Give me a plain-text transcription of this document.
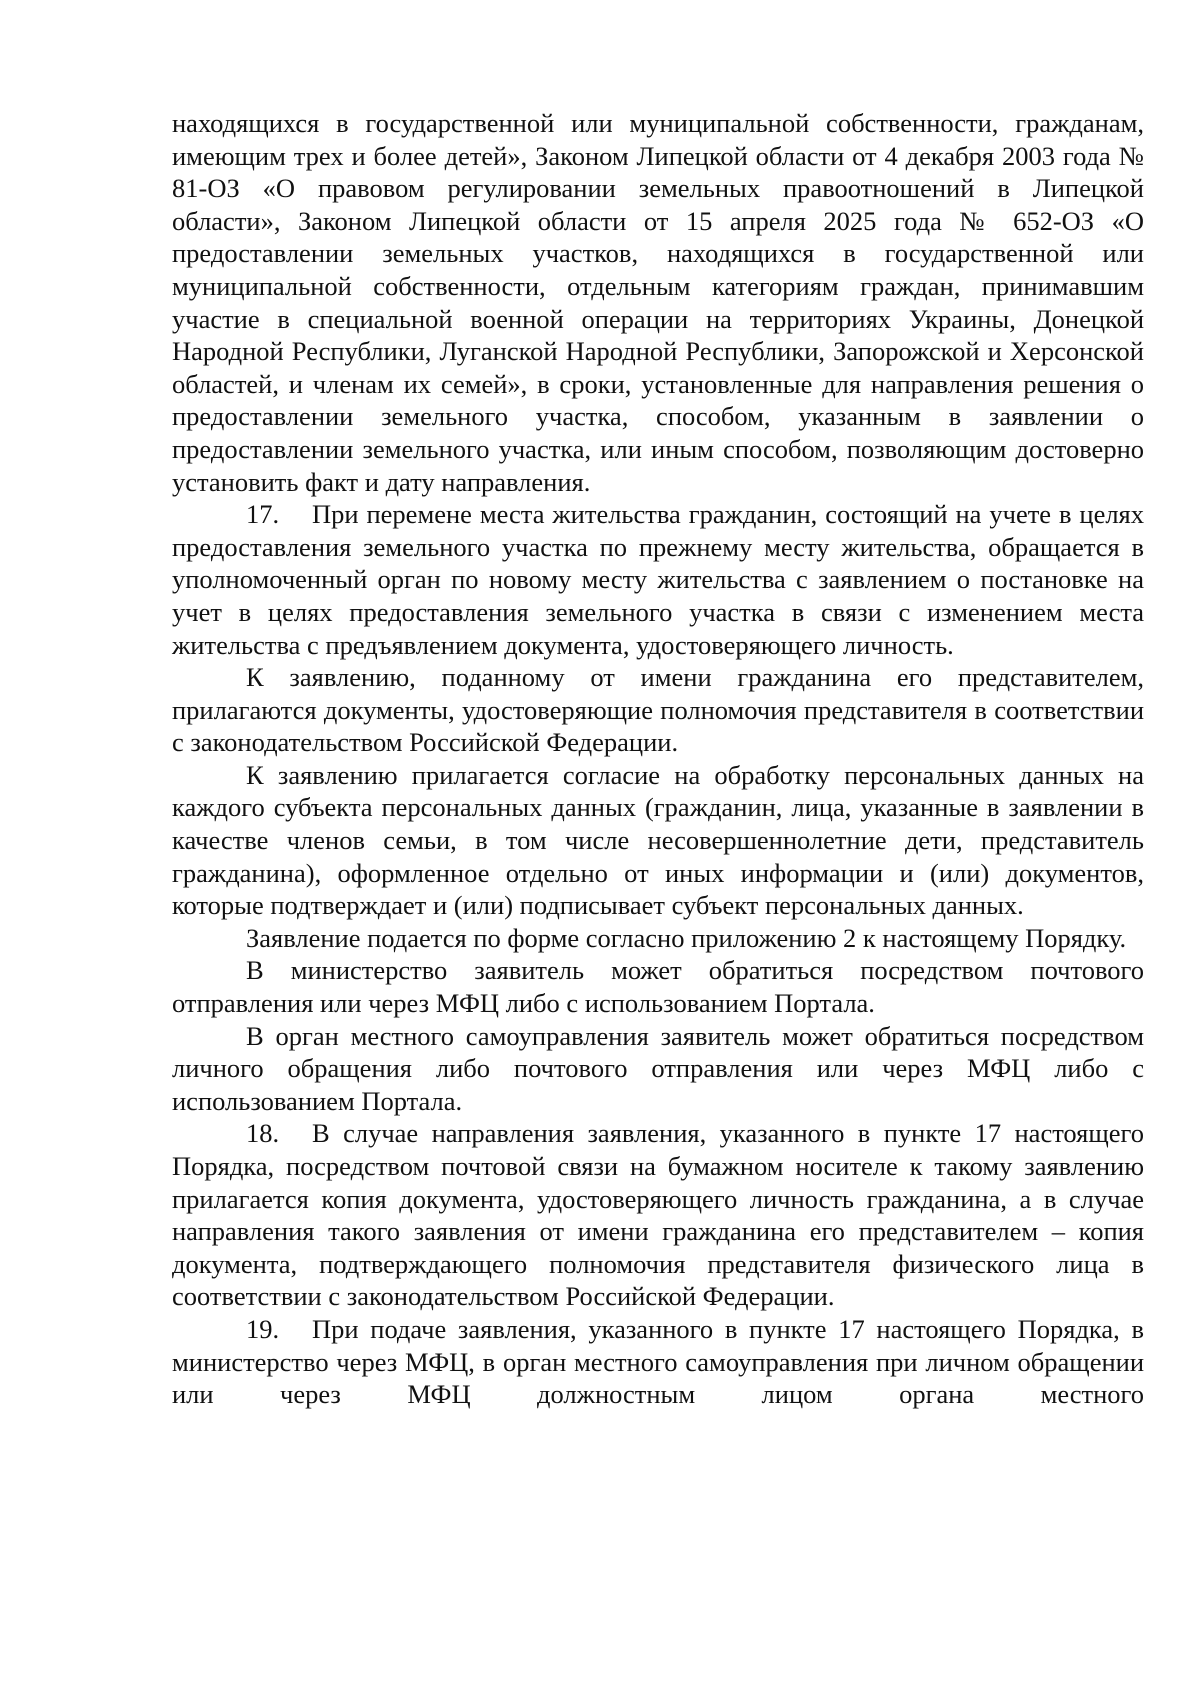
находящихся в государственной или муниципальной собственности, гражданам, имеющим трех и более детей», Законом Липецкой области от 4 декабря 2003 года № 81-ОЗ «О правовом регулировании земельных правоотношений в Липецкой области», Законом Липецкой области от 15 апреля 2025 года № 652-ОЗ «О предоставлении земельных участков, находящихся в государственной или муниципальной собственности, отдельным категориям граждан, принимавшим участие в специальной военной операции на территориях Украины, Донецкой Народной Республики, Луганской Народной Республики, Запорожской и Херсонской областей, и членам их семей», в сроки, установленные для направления решения о предоставлении земельного участка, способом, указанным в заявлении о предоставлении земельного участка, или иным способом, позволяющим достоверно установить факт и дату направления.

17. При перемене места жительства гражданин, состоящий на учете в целях предоставления земельного участка по прежнему месту жительства, обращается в уполномоченный орган по новому месту жительства с заявлением о постановке на учет в целях предоставления земельного участка в связи с изменением места жительства с предъявлением документа, удостоверяющего личность.

К заявлению, поданному от имени гражданина его представителем, прилагаются документы, удостоверяющие полномочия представителя в соответствии с законодательством Российской Федерации.

К заявлению прилагается согласие на обработку персональных данных на каждого субъекта персональных данных (гражданин, лица, указанные в заявлении в качестве членов семьи, в том числе несовершеннолетние дети, представитель гражданина), оформленное отдельно от иных информации и (или) документов, которые подтверждает и (или) подписывает субъект персональных данных.

Заявление подается по форме согласно приложению 2 к настоящему Порядку.

В министерство заявитель может обратиться посредством почтового отправления или через МФЦ либо с использованием Портала.

В орган местного самоуправления заявитель может обратиться посредством личного обращения либо почтового отправления или через МФЦ либо с использованием Портала.

18. В случае направления заявления, указанного в пункте 17 настоящего Порядка, посредством почтовой связи на бумажном носителе к такому заявлению прилагается копия документа, удостоверяющего личность гражданина, а в случае направления такого заявления от имени гражданина его представителем – копия документа, подтверждающего полномочия представителя физического лица в соответствии с законодательством Российской Федерации.

19. При подаче заявления, указанного в пункте 17 настоящего Порядка, в министерство через МФЦ, в орган местного самоуправления при личном обращении или через МФЦ должностным лицом органа местного
